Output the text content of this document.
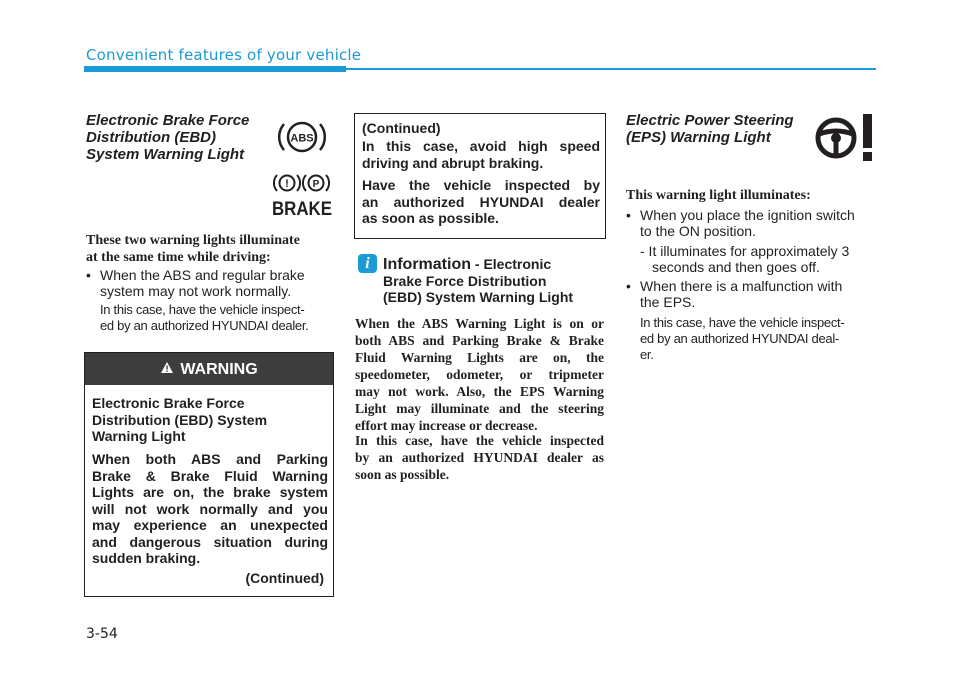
Convenient features of your vehicle
Electronic Brake Force
Distribution (EBD)
System Warning Light
ABS
! P
BRAKE
These two warning lights illuminate
at the same time while driving:
• When the ABS and regular brake
system may not work normally.
In this case, have the vehicle inspect-
ed by an authorized HYUNDAI dealer.
WARNING
Electronic Brake Force
Distribution (EBD) System
Warning Light
When both ABS and Parking
Brake & Brake Fluid Warning
Lights are on, the brake system
will not work normally and you
may experience an unexpected
and dangerous situation during
sudden braking.
(Continued)
(Continued)
In this case, avoid high speed
driving and abrupt braking.
Have the vehicle inspected by
an authorized HYUNDAI dealer
as soon as possible.
i Information - Electronic
Brake Force Distribution
(EBD) System Warning Light
When the ABS Warning Light is on or
both ABS and Parking Brake & Brake
Fluid Warning Lights are on, the
speedometer, odometer, or tripmeter
may not work. Also, the EPS Warning
Light may illuminate and the steering
effort may increase or decrease.
In this case, have the vehicle inspected
by an authorized HYUNDAI dealer as
soon as possible.
Electric Power Steering
(EPS) Warning Light
This warning light illuminates:
• When you place the ignition switch
to the ON position.
- It illuminates for approximately 3
seconds and then goes off.
• When there is a malfunction with
the EPS.
In this case, have the vehicle inspect-
ed by an authorized HYUNDAI deal-
er.
3-54
